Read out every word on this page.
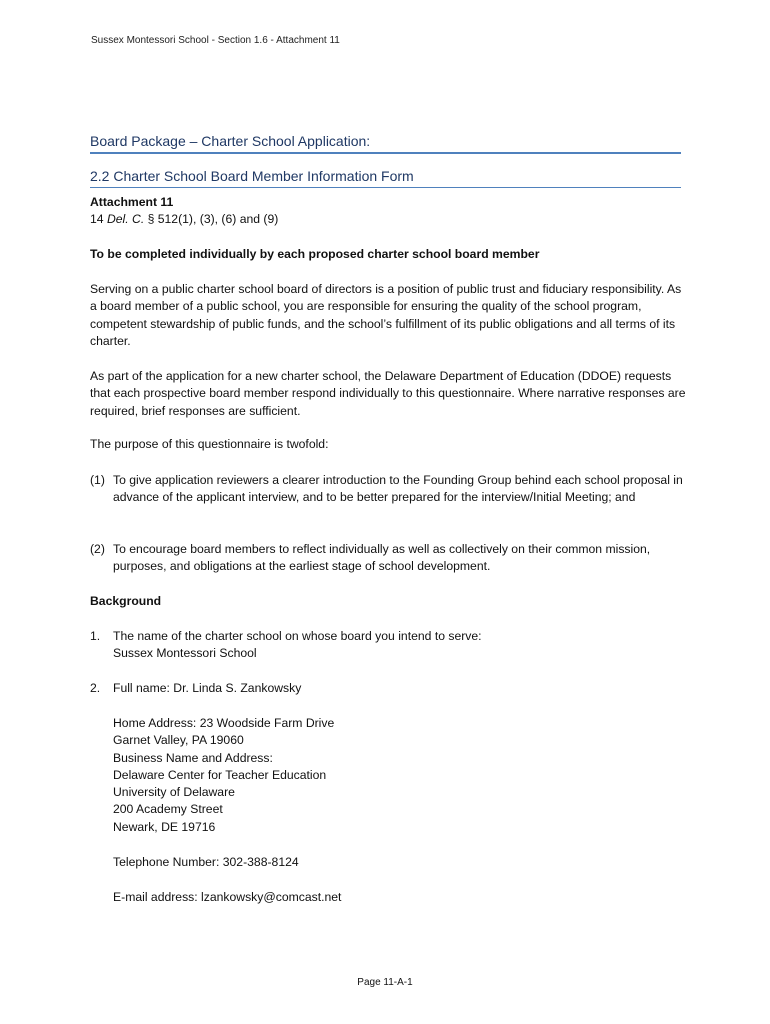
Sussex Montessori School - Section 1.6 - Attachment 11
Board Package – Charter School Application:
2.2 Charter School Board Member Information Form
Attachment 11
14 Del. C. § 512(1), (3), (6) and (9)
To be completed individually by each proposed charter school board member
Serving on a public charter school board of directors is a position of public trust and fiduciary responsibility. As a board member of a public school, you are responsible for ensuring the quality of the school program, competent stewardship of public funds, and the school’s fulfillment of its public obligations and all terms of its charter.
As part of the application for a new charter school, the Delaware Department of Education (DDOE) requests that each prospective board member respond individually to this questionnaire. Where narrative responses are required, brief responses are sufficient.
The purpose of this questionnaire is twofold:
(1) To give application reviewers a clearer introduction to the Founding Group behind each school proposal in advance of the applicant interview, and to be better prepared for the interview/Initial Meeting; and
(2) To encourage board members to reflect individually as well as collectively on their common mission, purposes, and obligations at the earliest stage of school development.
Background
1.	The name of the charter school on whose board you intend to serve:
Sussex Montessori School
2.	Full name: Dr. Linda S. Zankowsky
Home Address: 23 Woodside Farm Drive
Garnet Valley, PA 19060
Business Name and Address:
Delaware Center for Teacher Education
University of Delaware
200 Academy Street
Newark, DE 19716
Telephone Number: 302-388-8124
E-mail address: lzankowsky@comcast.net
Page 11-A-1
